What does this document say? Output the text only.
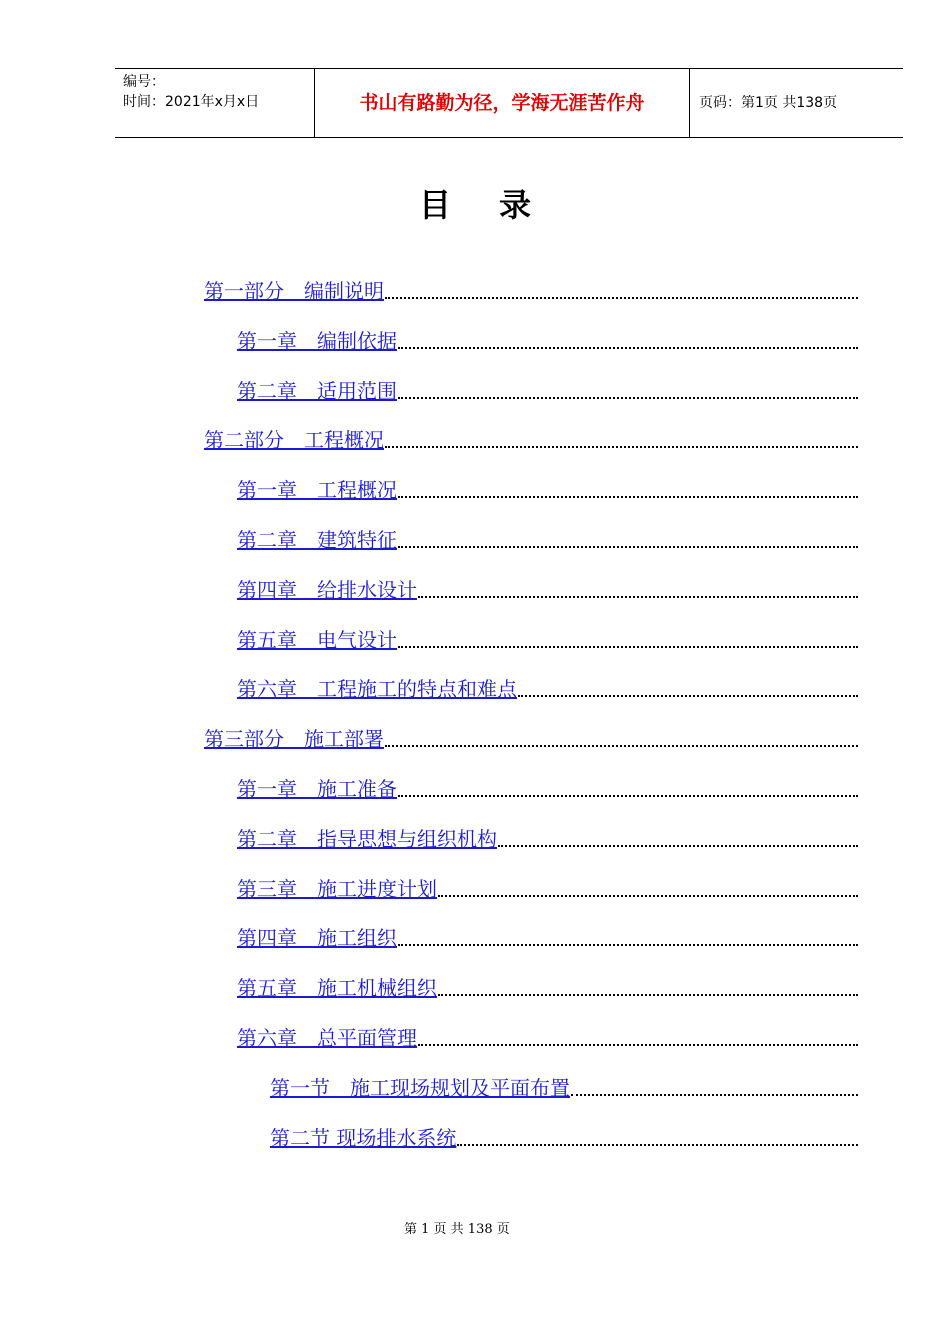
编号：
时间：2021年x月x日	书山有路勤为径，学海无涯苦作舟	页码：第1页 共138页
目录
第一部分　编制说明
第一章　编制依据
第二章　适用范围
第二部分　工程概况
第一章　工程概况
第二章　建筑特征
第四章　给排水设计
第五章　电气设计
第六章　工程施工的特点和难点
第三部分　施工部署
第一章　施工准备
第二章　指导思想与组织机构
第三章　施工进度计划
第四章　施工组织
第五章　施工机械组织
第六章　总平面管理
第一节　施工现场规划及平面布置
第二节 现场排水系统
第 1 页 共 138 页
